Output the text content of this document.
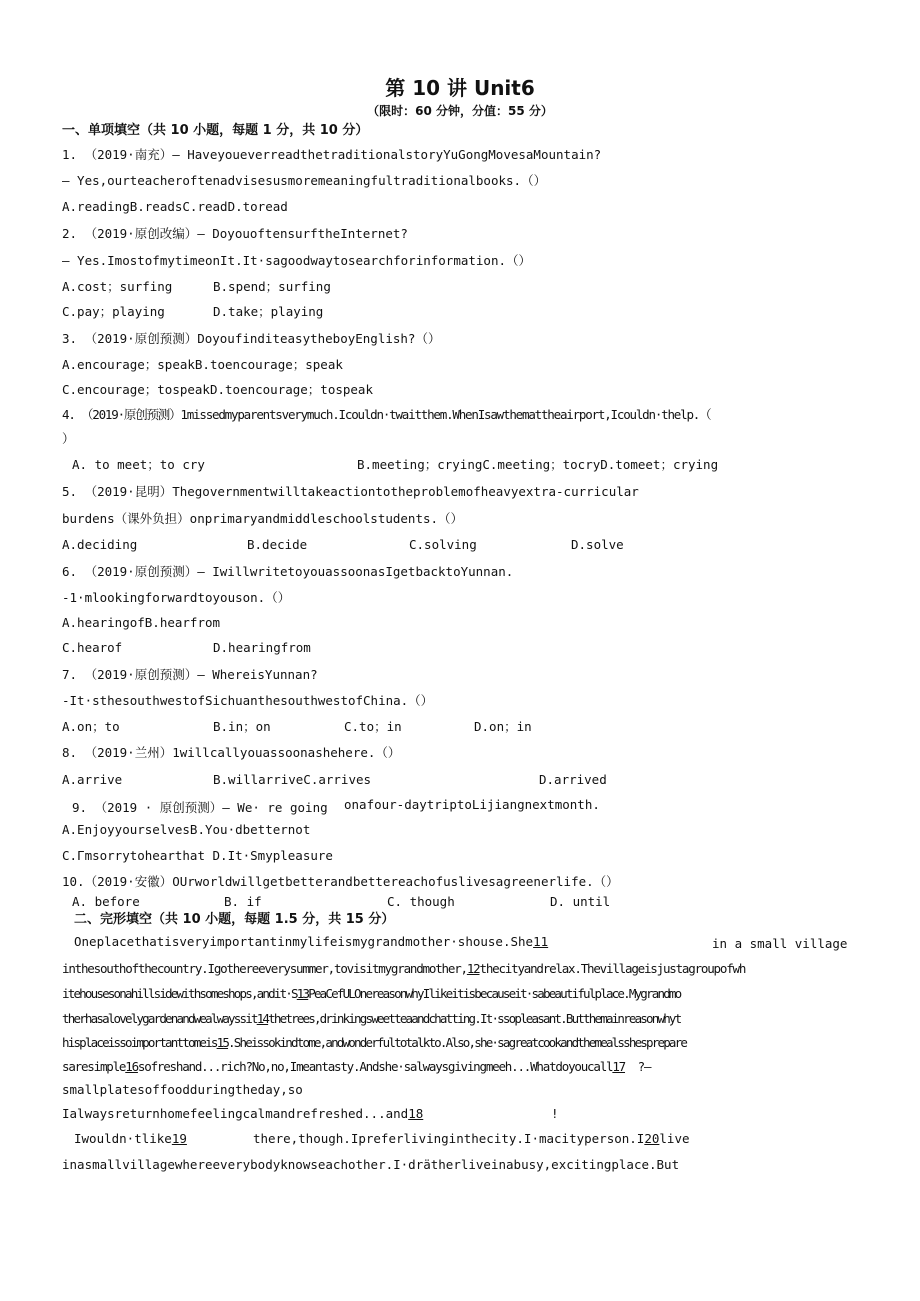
第 10 讲 Unit6
（限时：60 分钟，分值：55 分）
一、单项填空（共 10 小题，每题 1 分，共 10 分）
1. （2019·南充）— HaveyoueverreadthetraditionalstoryYuGongMovesaMountain?
— Yes,ourteacheroftenadvisesusmoremeaningfultraditionalbooks.（）
A.readingB.readsC.readD.toread
2. （2019·原创改编）— DoyouoftensurftheInternet?
— Yes.ImostofmytimeonIt.It·sagoodwaytosearchforinformation.（）
A.cost；surfing	B.spend；surfing
C.pay；playing	D.take；playing
3. （2019·原创预测）DoyoufinditeasytheboyEnglish?（）
A.encourage；speakB.toencourage；speak
C.encourage；tospeakD.toencourage；tospeak
4. （2019·原创预测）1missedmyparentsverymuch.Icouldn·twaitthem.WhenIsawthemattheairport,Icouldn·thelp.（
）
A. to meet；to cry	B.meeting；cryingC.meeting；tocryD.tomeet；crying
5. （2019·昆明）Thegovernmentwilltakeactiontotheproblemofheavyextra-curricular
burdens（课外负担）onprimaryandmiddleschoolstudents.（）
A.deciding	B.decide	C.solving	D.solve
6. （2019·原创预测）— IwillwritetoyouassoonasIgetbacktoYunnan.
-1·mlookingforwardtoyouson.（）
A.hearingofB.hearfrom
C.hearof	D.hearingfrom
7. （2019·原创预测）— WhereisYunnan?
-It·sthesouthwestofSichuanthesouthwestofChina.（）
A.on；to	B.in；on	C.to；in	D.on；in
8. （2019·兰州）1willcallyouassoonashehere.（）
A.arrive	B.willarriveC.arrives	D.arrived
9. （2019 · 原创预测）— We· re going onafour-daytriptoLijiangnextmonth.
A.EnjoyyourselvesB.You·dbetternot
C.Γmsorrytohearthat D.It·Smypleasure
10.（2019·安徽）OUrworldwillgetbetterandbettereachofuslivesagreenerlife.（）
A. before	B. if	C. though	D. until
二、完形填空（共 10 小题，每题 1.5 分，共 15 分）
Oneplacethatisveryimportantinmylifeismygrandmother·shouse.She11	in a small village
inthesouthofthecountry.Igothereeverysummer,tovisitmygrandmother,12thecityandrelax.Thevillageisjustagroupofwh
itehousesonahillsidewithsomeshops,andit·S13PeaCefULOnereasonwhyIlikeitisbecauseit·sabeautifulplace.Mygrandmo
therhasalovelygardenandwealwayssit14thetrees,drinkingsweetteaandchatting.It·ssopleasant.Butthemainreasonwhyt
hisplaceissoimportanttomeis15.Sheissokindtome,andwonderfultotalkto.Also,she·sagreatcookandthemealsshesprepare
saresimple16sofreshand...rich?No,no,Imeantasty.Andshe·salwaysgivingmeeh...Whatdoyoucall17 ?—
smallplatesoffoodduringtheday,so
Ialwaysreturnhomefeelingcalmandrefreshed...and18	!
Iwouldn·tlike19	there,though.Ipreferlivinginthecity.I·macityperson.I20live
inasmallvillagewhereeverybodyknowseachother.I·drätherliveinabusy,excitingplace.But
